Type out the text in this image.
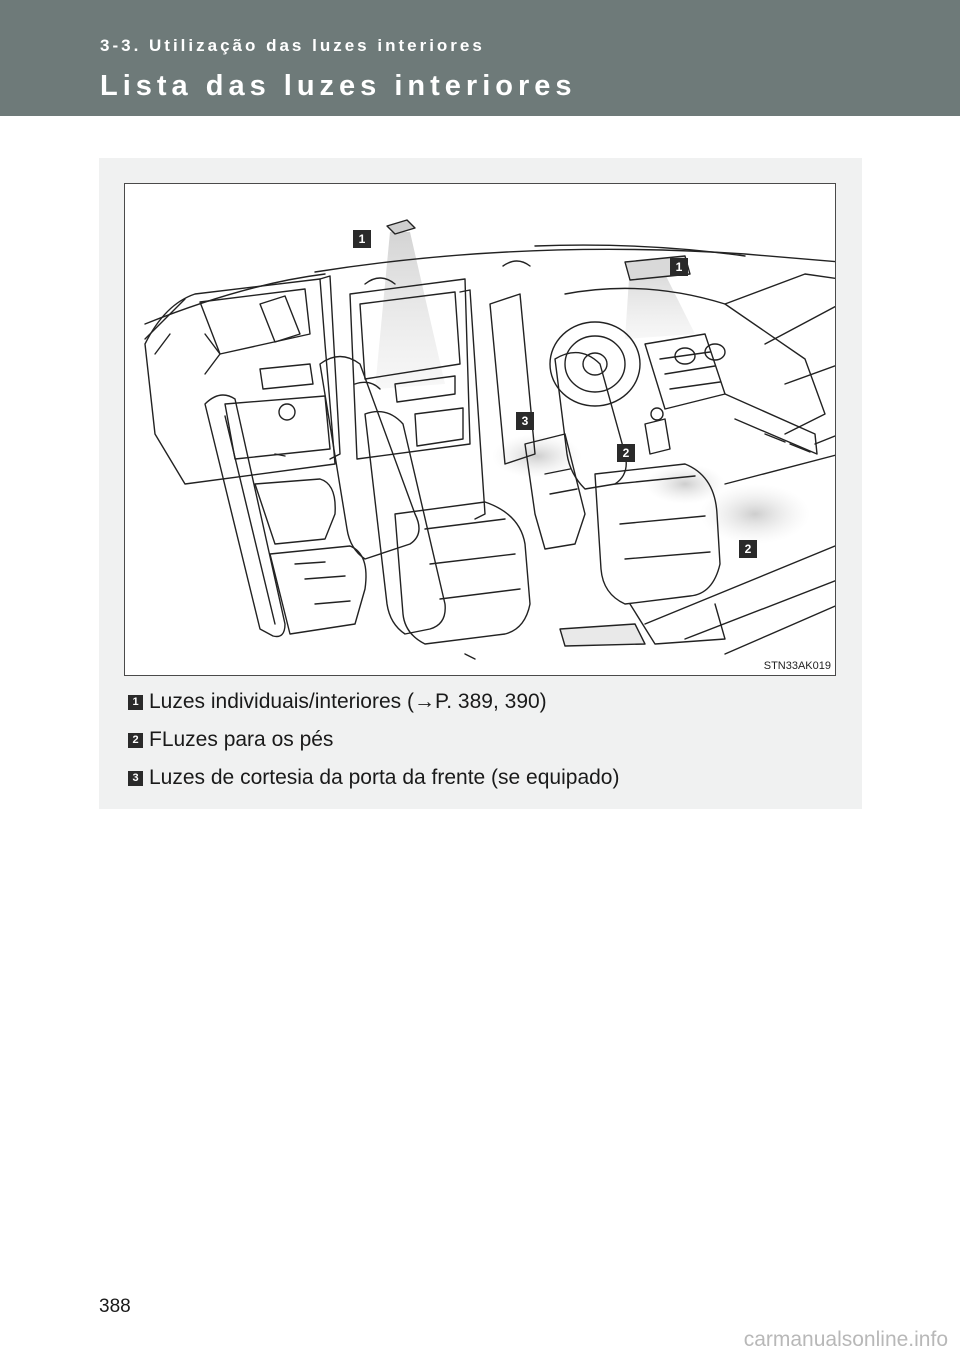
3-3. Utilização das luzes interiores
Lista das luzes interiores
1
1
3
2
2
STN33AK019
1 Luzes individuais/interiores (→P. 389, 390)
2 FLuzes para os pés
3 Luzes de cortesia da porta da frente (se equipado)
388
carmanualsonline.info
